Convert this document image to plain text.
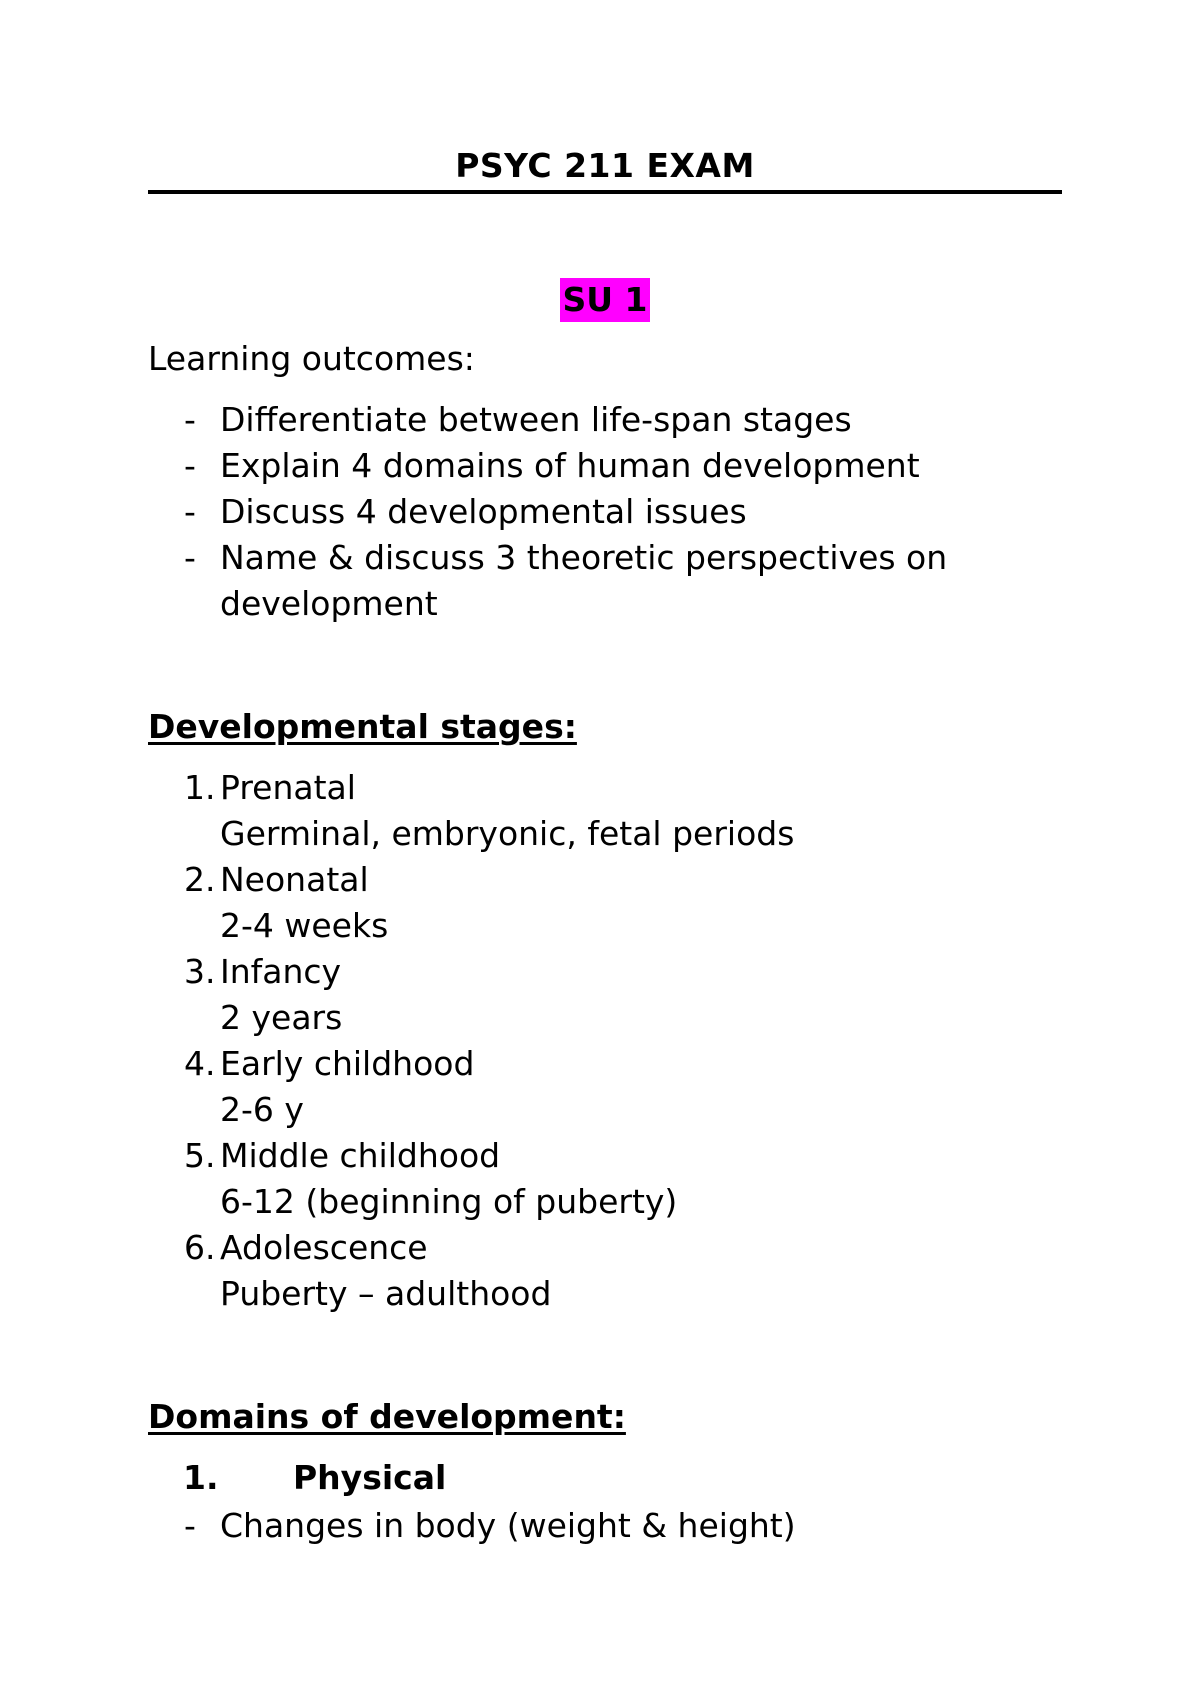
PSYC 211 EXAM
SU 1
Learning outcomes:
- Differentiate between life-span stages
- Explain 4 domains of human development
- Discuss 4 developmental issues
- Name & discuss 3 theoretic perspectives on
development
Developmental stages:
1. Prenatal
Germinal, embryonic, fetal periods
2. Neonatal
2-4 weeks
3. Infancy
2 years
4. Early childhood
2-6 y
5. Middle childhood
6-12 (beginning of puberty)
6. Adolescence
Puberty – adulthood
Domains of development:
1. Physical
- Changes in body (weight & height)
